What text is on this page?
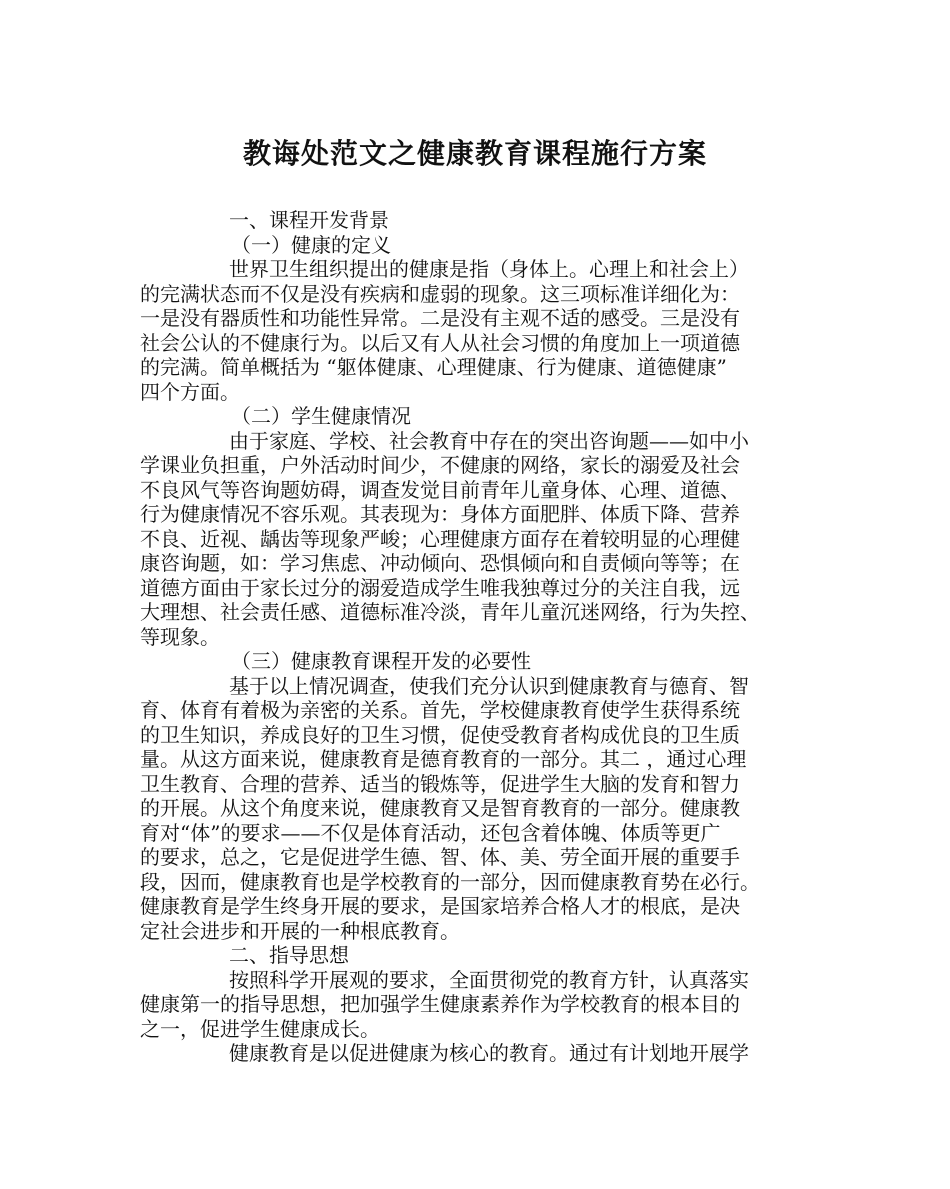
教诲处范文之健康教育课程施行方案
一、课程开发背景
（一）健康的定义
世界卫生组织提出的健康是指（身体上。心理上和社会上）
的完满状态而不仅是没有疾病和虚弱的现象。这三项标准详细化为：
一是没有器质性和功能性异常。二是没有主观不适的感受。三是没有
社会公认的不健康行为。以后又有人从社会习惯的角度加上一项道德
的完满。简单概括为 “躯体健康、心理健康、行为健康、道德健康”
四个方面。
（二）学生健康情况
由于家庭、学校、社会教育中存在的突出咨询题——如中小
学课业负担重，户外活动时间少，不健康的网络，家长的溺爱及社会
不良风气等咨询题妨碍，调查发觉目前青年儿童身体、心理、道德、
行为健康情况不容乐观。其表现为：身体方面肥胖、体质下降、营养
不良、近视、龋齿等现象严峻；心理健康方面存在着较明显的心理健
康咨询题，如：学习焦虑、冲动倾向、恐惧倾向和自责倾向等等；在
道德方面由于家长过分的溺爱造成学生唯我独尊过分的关注自我，远
大理想、社会责任感、道德标准冷淡，青年儿童沉迷网络，行为失控、
等现象。
（三）健康教育课程开发的必要性
基于以上情况调查，使我们充分认识到健康教育与德育、智
育、体育有着极为亲密的关系。首先，学校健康教育使学生获得系统
的卫生知识，养成良好的卫生习惯，促使受教育者构成优良的卫生质
量。从这方面来说，健康教育是德育教育的一部分。其二 ，通过心理
卫生教育、合理的营养、适当的锻炼等，促进学生大脑的发育和智力
的开展。从这个角度来说，健康教育又是智育教育的一部分。健康教
育对“体”的要求——不仅是体育活动，还包含着体魄、体质等更广
的要求，总之，它是促进学生德、智、体、美、劳全面开展的重要手
段，因而，健康教育也是学校教育的一部分，因而健康教育势在必行。
健康教育是学生终身开展的要求，是国家培养合格人才的根底，是决
定社会进步和开展的一种根底教育。
二、指导思想
按照科学开展观的要求，全面贯彻党的教育方针，认真落实
健康第一的指导思想，把加强学生健康素养作为学校教育的根本目的
之一，促进学生健康成长。
健康教育是以促进健康为核心的教育。通过有计划地开展学
